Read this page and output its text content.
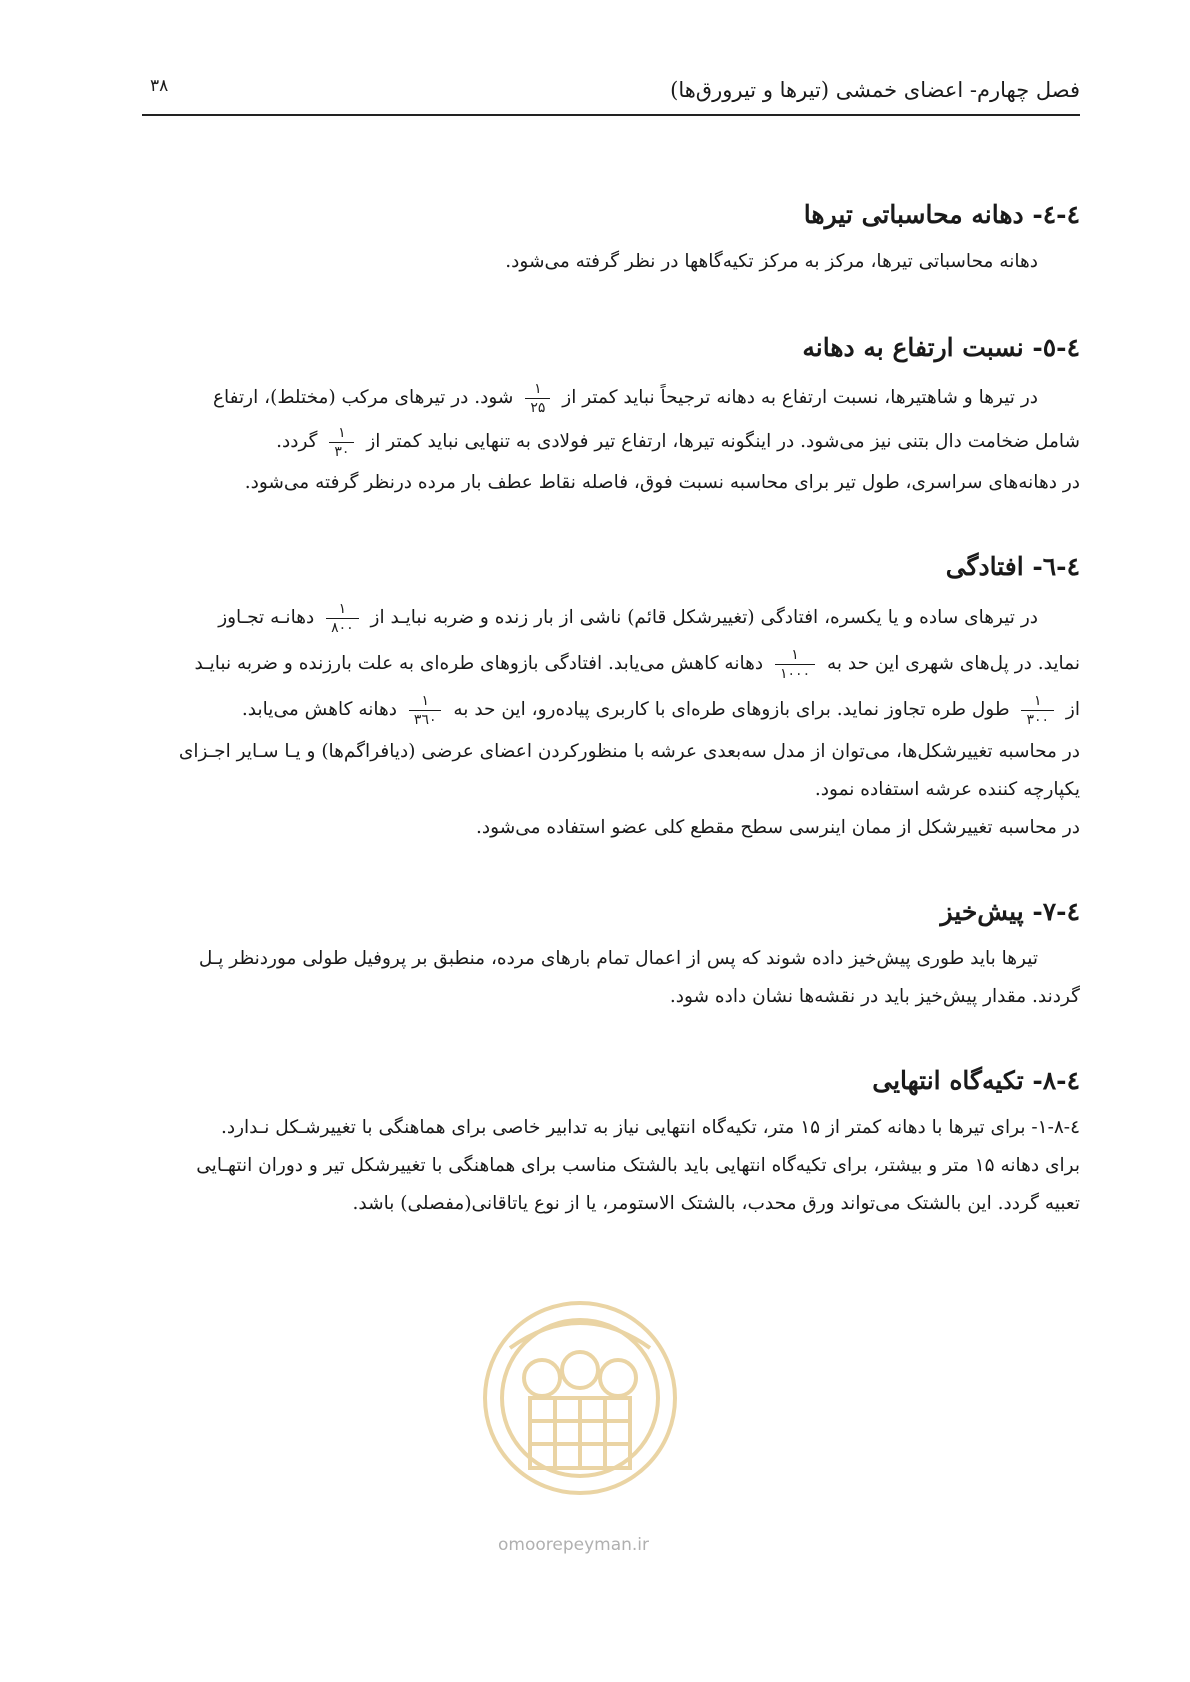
فصل چهارم- اعضای خمشی (تیرها و تیرورق‌ها)
۳۸
٤-٤- دهانه محاسباتی تیرها

دهانه محاسباتی تیرها، مرکز به مرکز تکیه‌گاهها در نظر گرفته می‌شود.

٤-٥- نسبت ارتفاع به دهانه

در تیرها و شاهتیرها، نسبت ارتفاع به دهانه ترجیحاً نباید کمتر از
$\frac{۱}{۲۵}$
شود. در تیرهای مرکب (مختلط)، ارتفاع

شامل ضخامت دال بتنی نیز می‌شود. در اینگونه تیرها، ارتفاع تیر فولادی به تنهایی نباید کمتر از
$\frac{۱}{۳۰}$
گردد.

در دهانه‌های سراسری، طول تیر برای محاسبه نسبت فوق، فاصله نقاط عطف بار مرده درنظر گرفته می‌شود.

٤-٦- افتادگی

در تیرهای ساده و یا یکسره، افتادگی (تغییرشکل قائم) ناشی از بار زنده و ضربه نبایـد از
$\frac{۱}{۸۰۰}$
دهانـه تجـاوز

نماید. در پل‌های شهری این حد به
$\frac{۱}{۱۰۰۰}$
دهانه کاهش می‌یابد. افتادگی بازوهای طره‌ای به علت بارزنده و ضربه نبایـد

از
$\frac{۱}{۳۰۰}$
طول طره تجاوز نماید. برای بازوهای طره‌ای با کاربری پیاده‌رو، این حد به
$\frac{۱}{۳٦۰}$
دهانه کاهش می‌یابد.

در محاسبه تغییرشکل‌ها، می‌توان از مدل سه‌بعدی عرشه با منظورکردن اعضای عرضی (دیافراگم‌ها) و یـا سـایر اجـزای

یکپارچه کننده عرشه استفاده نمود.

در محاسبه تغییرشکل از ممان اینرسی سطح مقطع کلی عضو استفاده می‌شود.

٤-٧- پیش‌خیز

تیرها باید طوری پیش‌خیز داده شوند که پس از اعمال تمام بارهای مرده، منطبق بر پروفیل طولی موردنظر پـل

گردند. مقدار پیش‌خیز باید در نقشه‌ها نشان داده شود.

٤-٨- تکیه‌گاه انتهایی

٤-٨-١- برای تیرها با دهانه کمتر از ۱۵ متر، تکیه‌گاه انتهایی نیاز به تدابیر خاصی برای هماهنگی با تغییرشـکل نـدارد.

برای دهانه ۱۵ متر و بیشتر، برای تکیه‌گاه انتهایی باید بالشتک مناسب برای هماهنگی با تغییرشکل تیر و دوران انتهـایی

تعبیه گردد. این بالشتک می‌تواند ورق محدب، بالشتک الاستومر، یا از نوع یاتاقانی(مفصلی) باشد.

omoorepeyman.ir
